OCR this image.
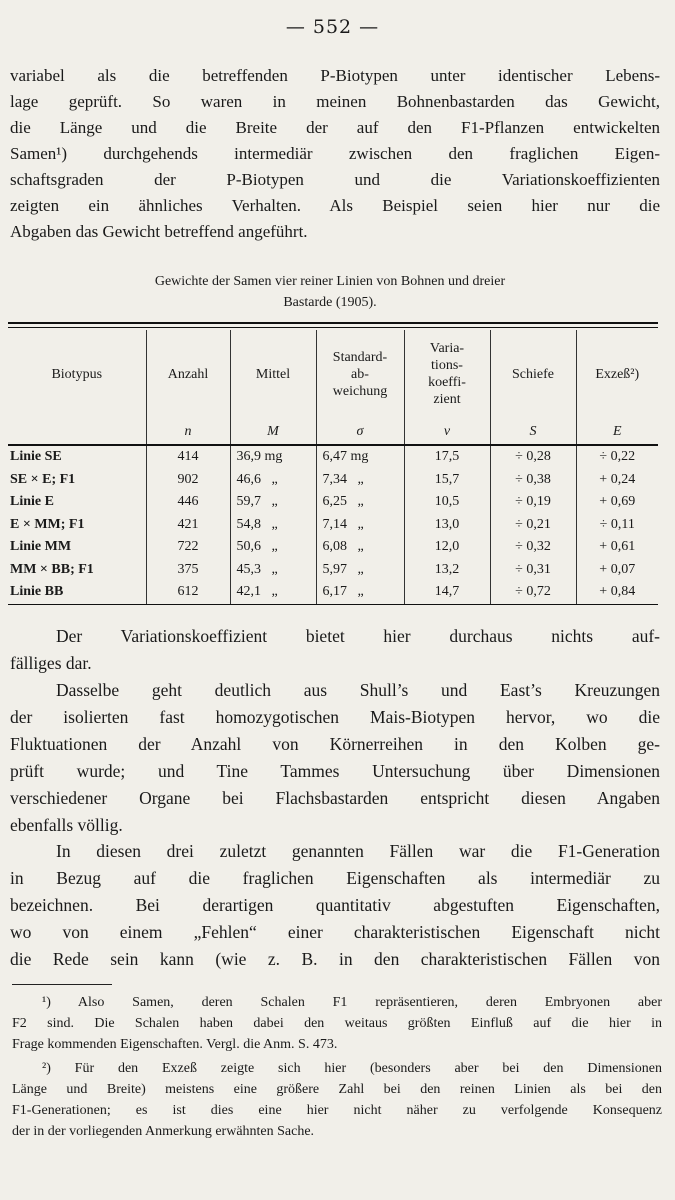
— 552 —
variabel als die betreffenden P-Biotypen unter identischer Lebens-
lage geprüft. So waren in meinen Bohnenbastarden das Gewicht,
die Länge und die Breite der auf den F1-Pflanzen entwickelten
Samen¹) durchgehends intermediär zwischen den fraglichen Eigen-
schaftsgraden der P-Biotypen und die Variationskoeffizienten
zeigten ein ähnliches Verhalten. Als Beispiel seien hier nur die
Abgaben das Gewicht betreffend angeführt.
Gewichte der Samen vier reiner Linien von Bohnen und dreier
Bastarde (1905).
Biotypus	Anzahl	Mittel	Standard-
ab-
weichung	Varia-
tions-
koeffi-
zient	Schiefe	Exzeß²)
	n	M	σ	v	S	E
Linie SE	414	36,9 mg	6,47 mg	17,5	÷ 0,28	÷ 0,22
SE × E; F1	902	46,6 „	7,34 „	15,7	÷ 0,38	+ 0,24
Linie E	446	59,7 „	6,25 „	10,5	÷ 0,19	+ 0,69
E × MM; F1	421	54,8 „	7,14 „	13,0	÷ 0,21	÷ 0,11
Linie MM	722	50,6 „	6,08 „	12,0	÷ 0,32	+ 0,61
MM × BB; F1	375	45,3 „	5,97 „	13,2	÷ 0,31	+ 0,07
Linie BB	612	42,1 „	6,17 „	14,7	÷ 0,72	+ 0,84
Der Variationskoeffizient bietet hier durchaus nichts auf-
fälliges dar.
Dasselbe geht deutlich aus Shull’s und East’s Kreuzungen
der isolierten fast homozygotischen Mais-Biotypen hervor, wo die
Fluktuationen der Anzahl von Körnerreihen in den Kolben ge-
prüft wurde; und Tine Tammes Untersuchung über Dimensionen
verschiedener Organe bei Flachsbastarden entspricht diesen Angaben
ebenfalls völlig.
In diesen drei zuletzt genannten Fällen war die F1-Generation
in Bezug auf die fraglichen Eigenschaften als intermediär zu
bezeichnen. Bei derartigen quantitativ abgestuften Eigenschaften,
wo von einem „Fehlen“ einer charakteristischen Eigenschaft nicht
die Rede sein kann (wie z. B. in den charakteristischen Fällen von
¹) Also Samen, deren Schalen F1 repräsentieren, deren Embryonen aber
F2 sind. Die Schalen haben dabei den weitaus größten Einfluß auf die hier in
Frage kommenden Eigenschaften. Vergl. die Anm. S. 473.
²) Für den Exzeß zeigte sich hier (besonders aber bei den Dimensionen
Länge und Breite) meistens eine größere Zahl bei den reinen Linien als bei den
F1-Generationen; es ist dies eine hier nicht näher zu verfolgende Konsequenz
der in der vorliegenden Anmerkung erwähnten Sache.
